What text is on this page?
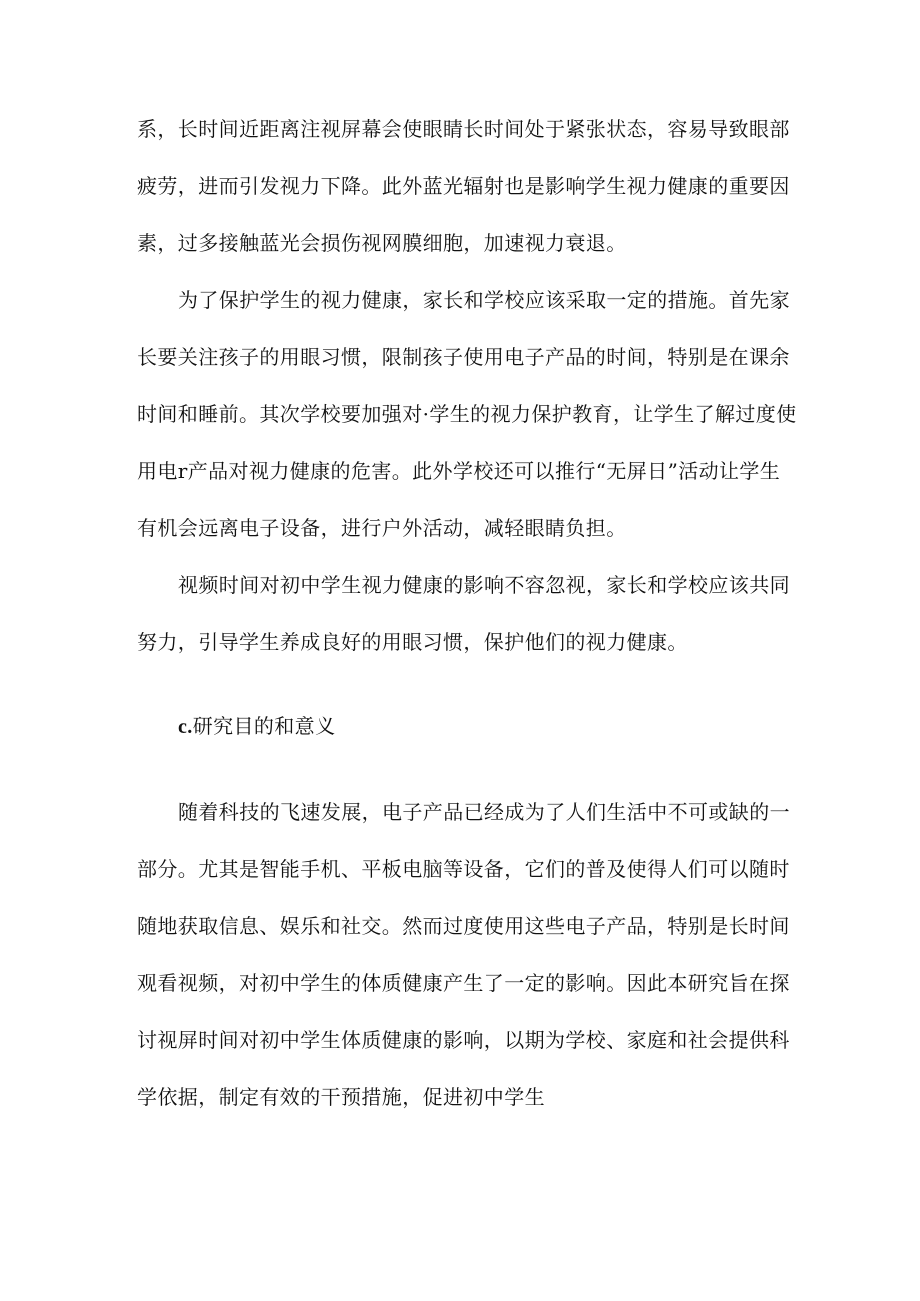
系，长时间近距离注视屏幕会使眼睛长时间处于紧张状态，容易导致眼部
疲劳，进而引发视力下降。此外蓝光辐射也是影响学生视力健康的重要因
素，过多接触蓝光会损伤视网膜细胞，加速视力衰退。
为了保护学生的视力健康，家长和学校应该采取一定的措施。首先家
长要关注孩子的用眼习惯，限制孩子使用电子产品的时间，特别是在课余
时间和睡前。其次学校要加强对·学生的视力保护教育，让学生了解过度使
用电r产品对视力健康的危害。此外学校还可以推行“无屏日”活动让学生
有机会远离电子设备，进行户外活动，减轻眼睛负担。
视频时间对初中学生视力健康的影响不容忽视，家长和学校应该共同
努力，引导学生养成良好的用眼习惯，保护他们的视力健康。
c.研究目的和意义
随着科技的飞速发展，电子产品已经成为了人们生活中不可或缺的一
部分。尤其是智能手机、平板电脑等设备，它们的普及使得人们可以随时
随地获取信息、娱乐和社交。然而过度使用这些电子产品，特别是长时间
观看视频，对初中学生的体质健康产生了一定的影响。因此本研究旨在探
讨视屏时间对初中学生体质健康的影响，以期为学校、家庭和社会提供科
学依据，制定有效的干预措施，促进初中学生
